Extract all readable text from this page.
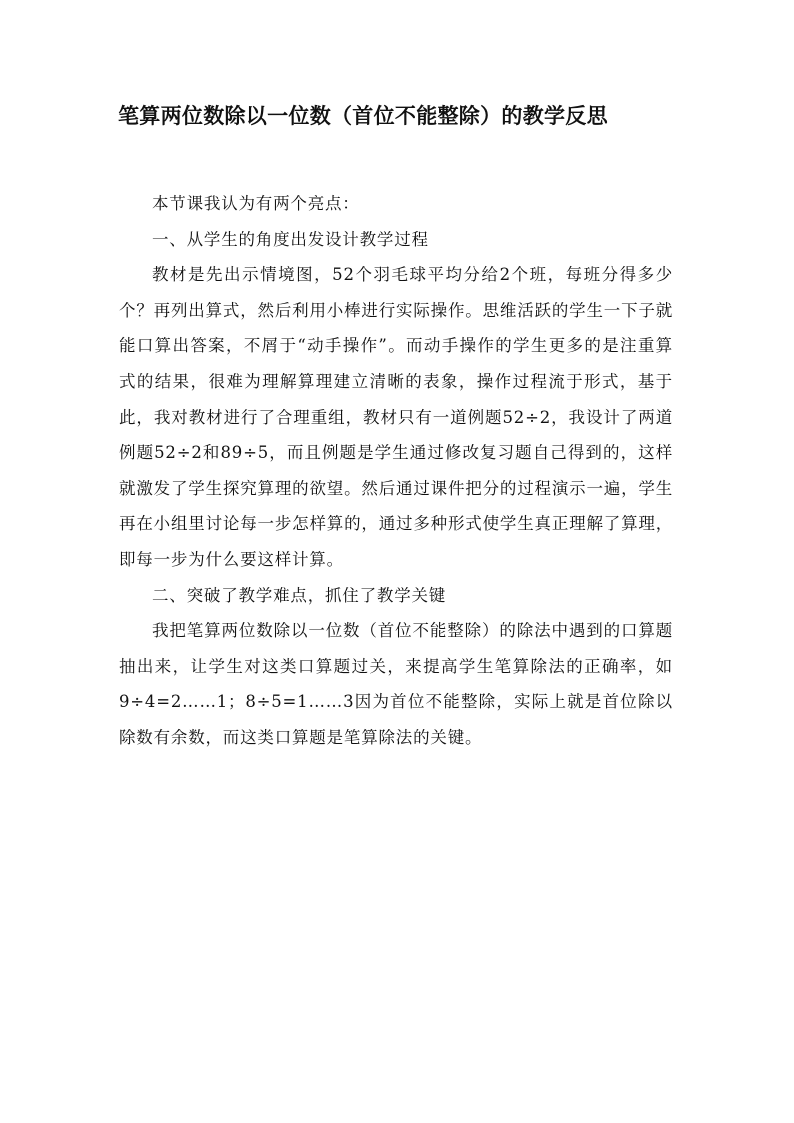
笔算两位数除以一位数（首位不能整除）的教学反思

本节课我认为有两个亮点：

一、从学生的角度出发设计教学过程

教材是先出示情境图，52个羽毛球平均分给2个班，每班分得多少个？再列出算式，然后利用小棒进行实际操作。思维活跃的学生一下子就能口算出答案，不屑于“动手操作”。而动手操作的学生更多的是注重算式的结果，很难为理解算理建立清晰的表象，操作过程流于形式，基于此，我对教材进行了合理重组，教材只有一道例题52÷2，我设计了两道例题52÷2和89÷5，而且例题是学生通过修改复习题自己得到的，这样就激发了学生探究算理的欲望。然后通过课件把分的过程演示一遍，学生再在小组里讨论每一步怎样算的，通过多种形式使学生真正理解了算理，即每一步为什么要这样计算。

二、突破了教学难点，抓住了教学关键

我把笔算两位数除以一位数（首位不能整除）的除法中遇到的口算题抽出来，让学生对这类口算题过关，来提高学生笔算除法的正确率，如9÷4=2……1；8÷5=1……3因为首位不能整除，实际上就是首位除以除数有余数，而这类口算题是笔算除法的关键。
